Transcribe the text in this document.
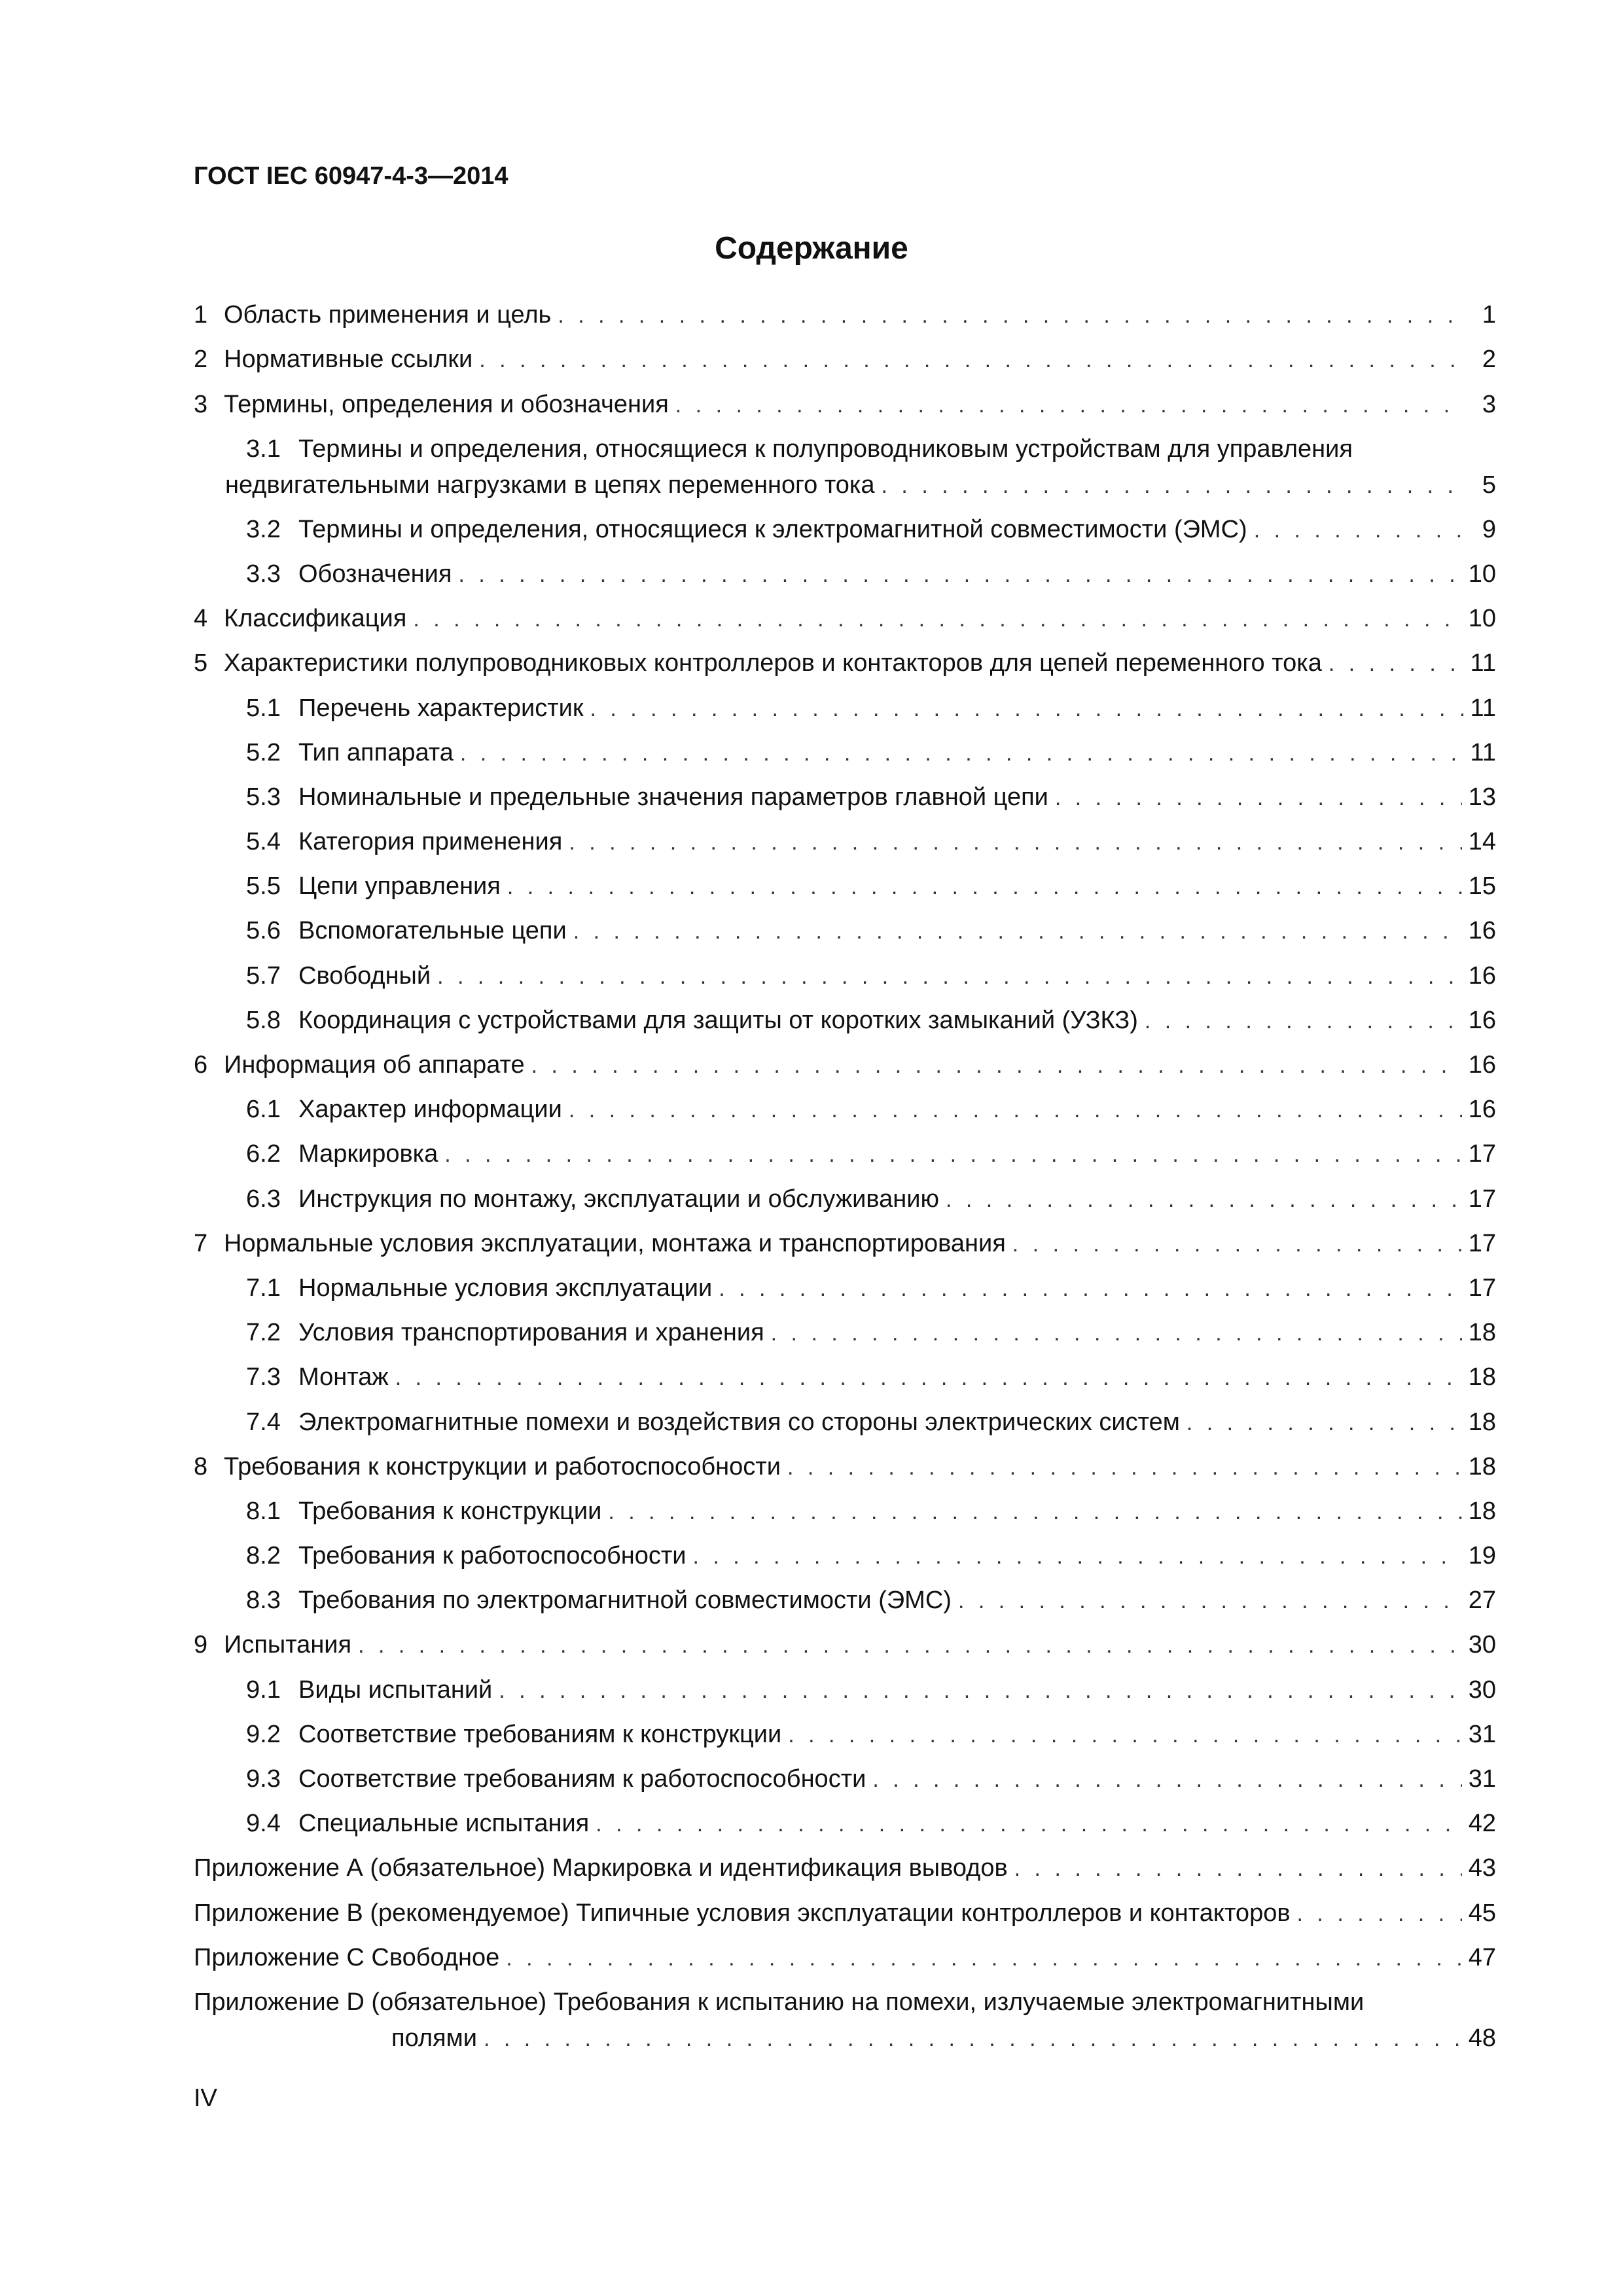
ГОСТ IEC 60947-4-3—2014
Содержание
1 Область применения и цель . . .	1
2 Нормативные ссылки . . .	2
3 Термины, определения и обозначения . . .	3
3.1 Термины и определения, относящиеся к полупроводниковым устройствам для управления
недвигательными нагрузками в цепях переменного тока . . .	5
3.2 Термины и определения, относящиеся к электромагнитной совместимости (ЭМС) . . .	9
3.3 Обозначения . . .	10
4 Классификация . . .	10
5 Характеристики полупроводниковых контроллеров и контакторов для цепей переменного тока . . .	11
5.1 Перечень характеристик . . .	11
5.2 Тип аппарата . . .	11
5.3 Номинальные и предельные значения параметров главной цепи . . .	13
5.4 Категория применения . . .	14
5.5 Цепи управления . . .	15
5.6 Вспомогательные цепи . . .	16
5.7 Свободный . . .	16
5.8 Координация с устройствами для защиты от коротких замыканий (УЗКЗ) . . .	16
6 Информация об аппарате . . .	16
6.1 Характер информации . . .	16
6.2 Маркировка . . .	17
6.3 Инструкция по монтажу, эксплуатации и обслуживанию . . .	17
7 Нормальные условия эксплуатации, монтажа и транспортирования . . .	17
7.1 Нормальные условия эксплуатации . . .	17
7.2 Условия транспортирования и хранения . . .	18
7.3 Монтаж . . .	18
7.4 Электромагнитные помехи и воздействия со стороны электрических систем . . .	18
8 Требования к конструкции и работоспособности . . .	18
8.1 Требования к конструкции . . .	18
8.2 Требования к работоспособности . . .	19
8.3 Требования по электромагнитной совместимости (ЭМС) . . .	27
9 Испытания . . .	30
9.1 Виды испытаний . . .	30
9.2 Соответствие требованиям к конструкции . . .	31
9.3 Соответствие требованиям к работоспособности . . .	31
9.4 Специальные испытания . . .	42
Приложение А (обязательное) Маркировка и идентификация выводов . . .	43
Приложение В (рекомендуемое) Типичные условия эксплуатации контроллеров и контакторов . . .	45
Приложение С Свободное . . .	47
Приложение D (обязательное) Требования к испытанию на помехи, излучаемые электромагнитными
полями . . .	48
IV
